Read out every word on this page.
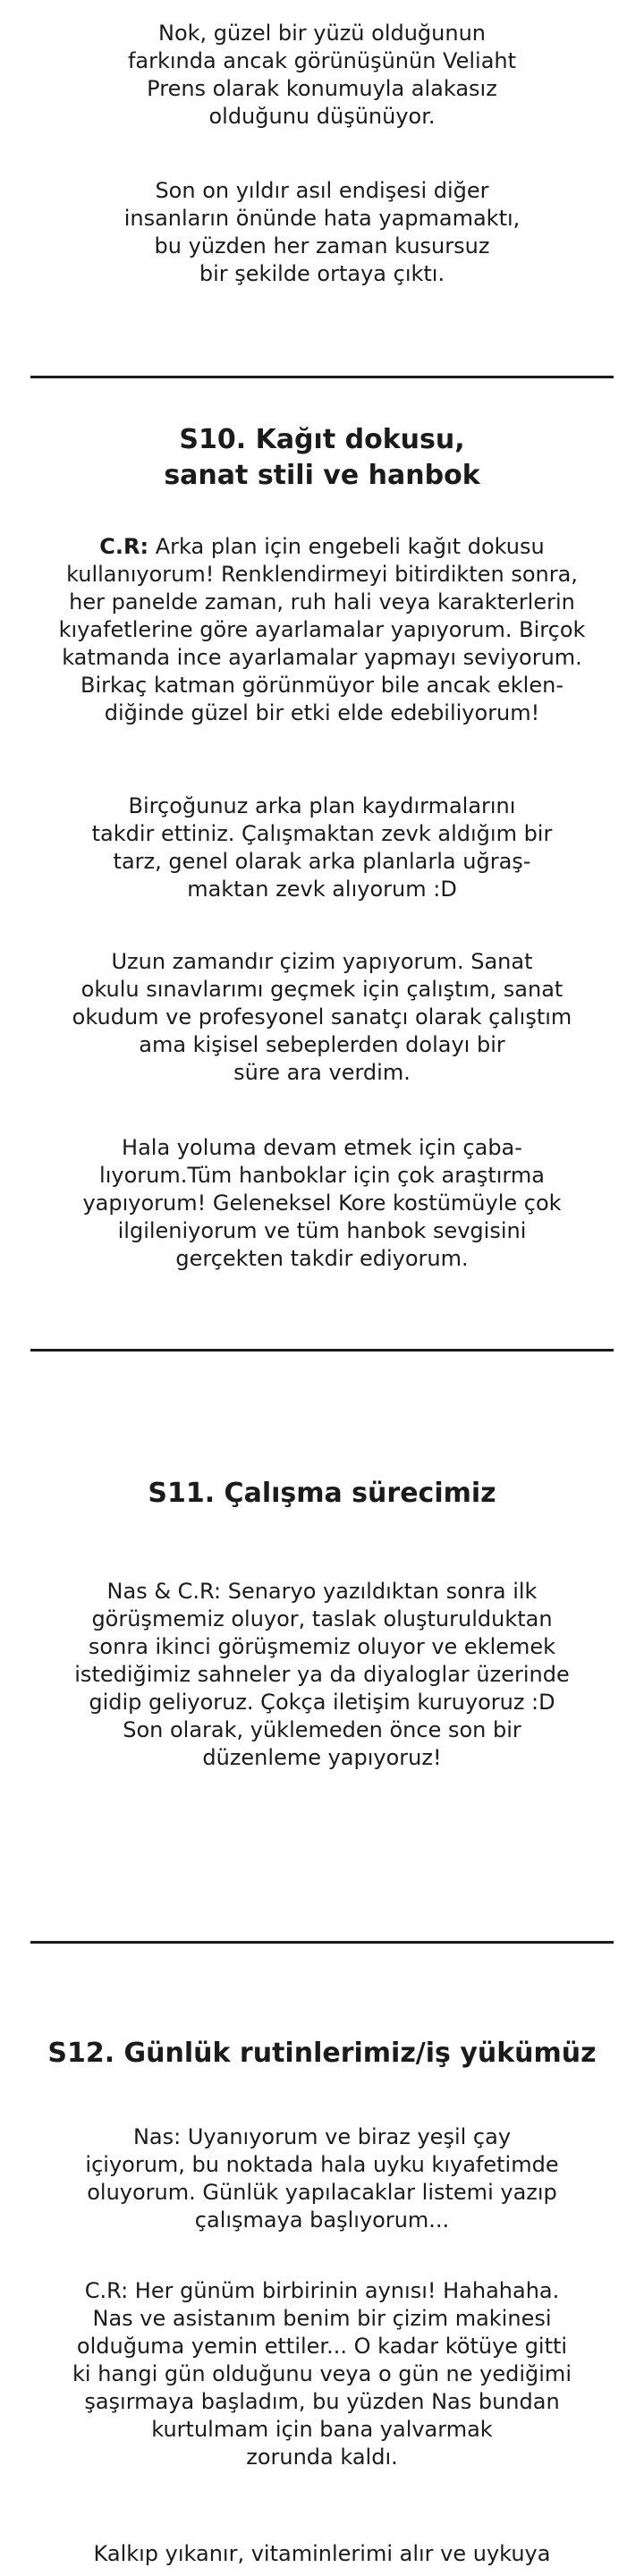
Nok, güzel bir yüzü olduğunun
farkında ancak görünüşünün Veliaht
Prens olarak konumuyla alakasız
olduğunu düşünüyor.

Son on yıldır asıl endişesi diğer
insanların önünde hata yapmamaktı,
bu yüzden her zaman kusursuz
bir şekilde ortaya çıktı.

S10. Kağıt dokusu,
sanat stili ve hanbok

C.R: Arka plan için engebeli kağıt dokusu
kullanıyorum! Renklendirmeyi bitirdikten sonra,
her panelde zaman, ruh hali veya karakterlerin
kıyafetlerine göre ayarlamalar yapıyorum. Birçok
katmanda ince ayarlamalar yapmayı seviyorum.
Birkaç katman görünmüyor bile ancak eklen-
diğinde güzel bir etki elde edebiliyorum!

Birçoğunuz arka plan kaydırmalarını
takdir ettiniz. Çalışmaktan zevk aldığım bir
tarz, genel olarak arka planlarla uğraş-
maktan zevk alıyorum :D

Uzun zamandır çizim yapıyorum. Sanat
okulu sınavlarımı geçmek için çalıştım, sanat
okudum ve profesyonel sanatçı olarak çalıştım
ama kişisel sebeplerden dolayı bir
süre ara verdim.

Hala yoluma devam etmek için çaba-
lıyorum.Tüm hanboklar için çok araştırma
yapıyorum! Geleneksel Kore kostümüyle çok
ilgileniyorum ve tüm hanbok sevgisini
gerçekten takdir ediyorum.

S11. Çalışma sürecimiz

Nas & C.R: Senaryo yazıldıktan sonra ilk
görüşmemiz oluyor, taslak oluşturulduktan
sonra ikinci görüşmemiz oluyor ve eklemek
istediğimiz sahneler ya da diyaloglar üzerinde
gidip geliyoruz. Çokça iletişim kuruyoruz :D
Son olarak, yüklemeden önce son bir
düzenleme yapıyoruz!

S12. Günlük rutinlerimiz/iş yükümüz

Nas: Uyanıyorum ve biraz yeşil çay
içiyorum, bu noktada hala uyku kıyafetimde
oluyorum. Günlük yapılacaklar listemi yazıp
çalışmaya başlıyorum...

C.R: Her günüm birbirinin aynısı! Hahahaha.
Nas ve asistanım benim bir çizim makinesi
olduğuma yemin ettiler... O kadar kötüye gitti
ki hangi gün olduğunu veya o gün ne yediğimi
şaşırmaya başladım, bu yüzden Nas bundan
kurtulmam için bana yalvarmak
zorunda kaldı.

Kalkıp yıkanır, vitaminlerimi alır ve uykuya
